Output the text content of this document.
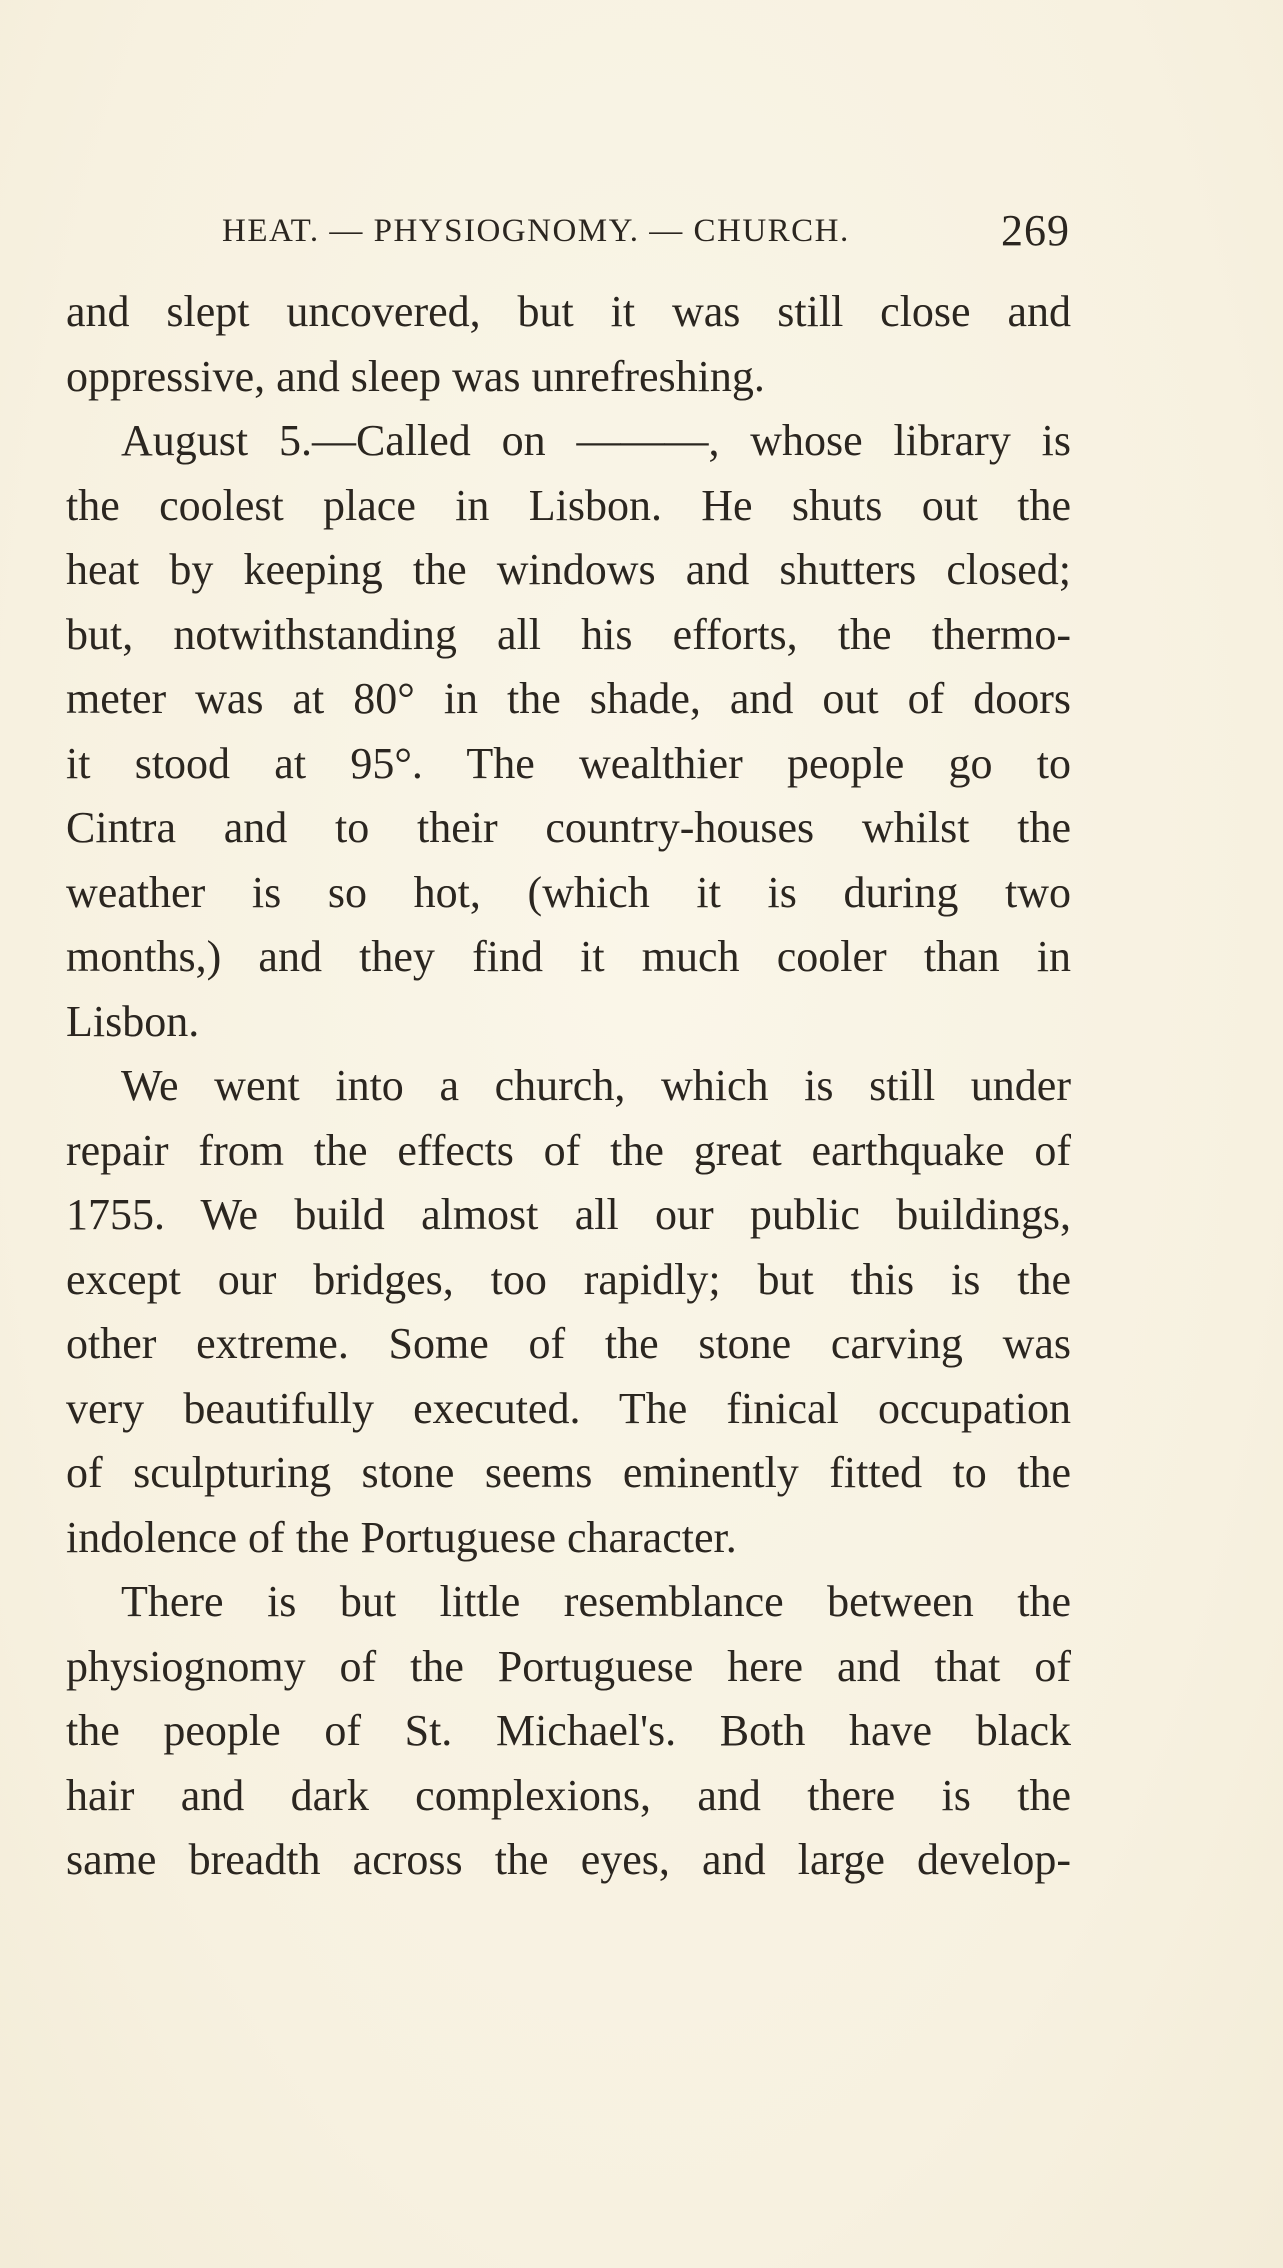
HEAT. — PHYSIOGNOMY. — CHURCH.	269
and slept uncovered, but it was still close and
oppressive, and sleep was unrefreshing.
August 5.—Called on ———, whose library is
the coolest place in Lisbon. He shuts out the
heat by keeping the windows and shutters closed;
but, notwithstanding all his efforts, the thermo-
meter was at 80° in the shade, and out of doors
it stood at 95°. The wealthier people go to
Cintra and to their country-houses whilst the
weather is so hot, (which it is during two
months,) and they find it much cooler than in
Lisbon.
We went into a church, which is still under
repair from the effects of the great earthquake of
1755. We build almost all our public buildings,
except our bridges, too rapidly; but this is the
other extreme. Some of the stone carving was
very beautifully executed. The finical occupation
of sculpturing stone seems eminently fitted to the
indolence of the Portuguese character.
There is but little resemblance between the
physiognomy of the Portuguese here and that of
the people of St. Michael's. Both have black
hair and dark complexions, and there is the
same breadth across the eyes, and large develop-
